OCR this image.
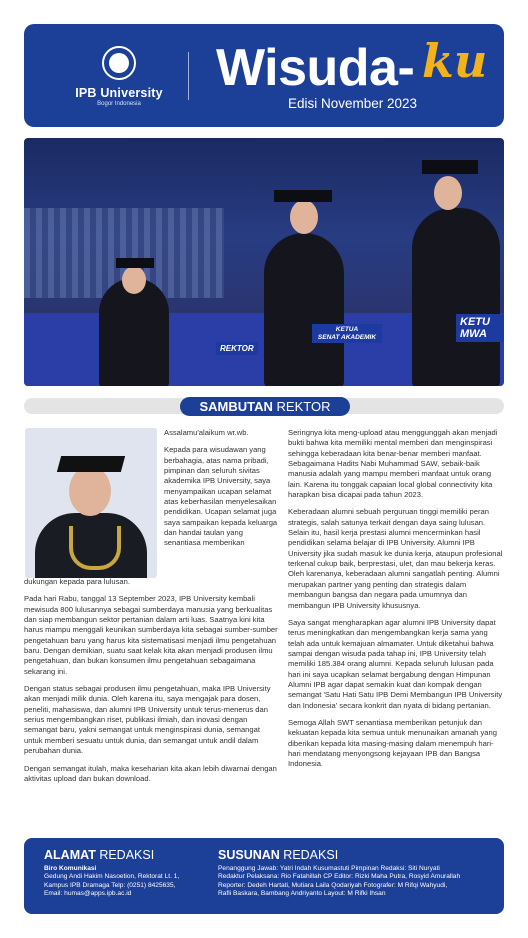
IPB University
Bogor Indonesia
Wisuda- ku
Edisi November 2023
REKTOR
KETUA
SENAT AKADEMIK
KETU
MWA
SAMBUTAN REKTOR

Assalamu'alaikum wr.wb.

Kepada para wisudawan yang berbahagia, atas nama pribadi, pimpinan dan seluruh sivitas akademika IPB University, saya menyampaikan ucapan selamat atas keberhasilan menyelesaikan pendidikan. Ucapan selamat juga saya sampaikan kepada keluarga dan handai taulan yang senantiasa memberikan

dukungan kepada para lulusan.

Pada hari Rabu, tanggal 13 September 2023, IPB University kembali mewisuda 800 lulusannya sebagai sumberdaya manusia yang berkualitas dan siap membangun sektor pertanian dalam arti luas. Saatnya kini kita harus mampu menggali keunikan sumberdaya kita sebagai sumber-sumber pengetahuan baru yang harus kita sistematisasi menjadi ilmu pengetahuan baru. Dengan demikian, suatu saat kelak kita akan menjadi produsen ilmu pengetahuan, dan bukan konsumen ilmu pengetahuan sebagaimana sekarang ini.

Dengan status sebagai produsen ilmu pengetahuan, maka IPB University akan menjadi milik dunia. Oleh karena itu, saya mengajak para dosen, peneliti, mahasiswa, dan alumni IPB University untuk terus-menerus dan serius mengembangkan riset, publikasi ilmiah, dan inovasi dengan semangat baru, yakni semangat untuk menginspirasi dunia, semangat untuk memberi sesuatu untuk dunia, dan semangat untuk andil dalam perubahan dunia.

Dengan semangat itulah, maka keseharian kita akan lebih diwarnai dengan aktivitas upload dan bukan download.

Seringnya kita meng-upload atau menggunggah akan menjadi bukti bahwa kita memiliki mental memberi dan menginspirasi sehingga keberadaan kita benar-benar memberi manfaat. Sebagaimana Hadits Nabi Muhammad SAW, sebaik-baik manusia adalah yang mampu memberi manfaat untuk orang lain. Karena itu tonggak capaian local global connectivity kita harapkan bisa dicapai pada tahun 2023.

Keberadaan alumni sebuah perguruan tinggi memiliki peran strategis, salah satunya terkait dengan daya saing lulusan. Selain itu, hasil kerja prestasi alumni mencerminkan hasil pendidikan selama belajar di IPB University. Alumni IPB University jika sudah masuk ke dunia kerja, ataupun profesional terkenal cukup baik, berprestasi, ulet, dan mau bekerja keras. Oleh karenanya, keberadaan alumni sangatlah penting. Alumni merupakan partner yang penting dan strategis dalam membangun bangsa dan negara pada umumnya dan membangun IPB University khususnya.

Saya sangat mengharapkan agar alumni IPB University dapat terus meningkatkan dan mengembangkan kerja sama yang telah ada untuk kemajuan almamater. Untuk diketahui bahwa sampai dengan wisuda pada tahap ini, IPB University telah memiliki 185.384 orang alumni. Kepada seluruh lulusan pada hari ini saya ucapkan selamat bergabung dengan Himpunan Alumni IPB agar dapat semakin kuat dan kompak dengan semangat 'Satu Hati Satu IPB Demi Membangun IPB University dan Indonesia' secara konkrit dan nyata di bidang pertanian.

Semoga Allah SWT senantiasa memberikan petunjuk dan kekuatan kepada kita semua untuk menunaikan amanah yang diberikan kepada kita masing-masing dalam menempuh hari-hari mendatang menyongsong kejayaan IPB dan Bangsa Indonesia.

ALAMAT REDAKSI
Biro Komunikasi
Gedung Andi Hakim Nasoetion, Rektorat Lt. 1,
Kampus IPB Dramaga Telp: (0251) 8425635,
Email: humas@apps.ipb.ac.id
SUSUNAN REDAKSI
Penanggung Jawab: Yatri Indah Kusumastuti Pimpinan Redaksi: Siti Nuryati
Redaktur Pelaksana: Rio Fatahillah CP Editor: Rizki Maha Putra, Rosyid Amurallah
Reporter: Dedeh Hartati, Mutiara Laila Qodariyah Fotografer: M Rifqi Wahyudi,
Rafli Baskara, Bambang Andriyanto Layout: M Rifki Ihsan
